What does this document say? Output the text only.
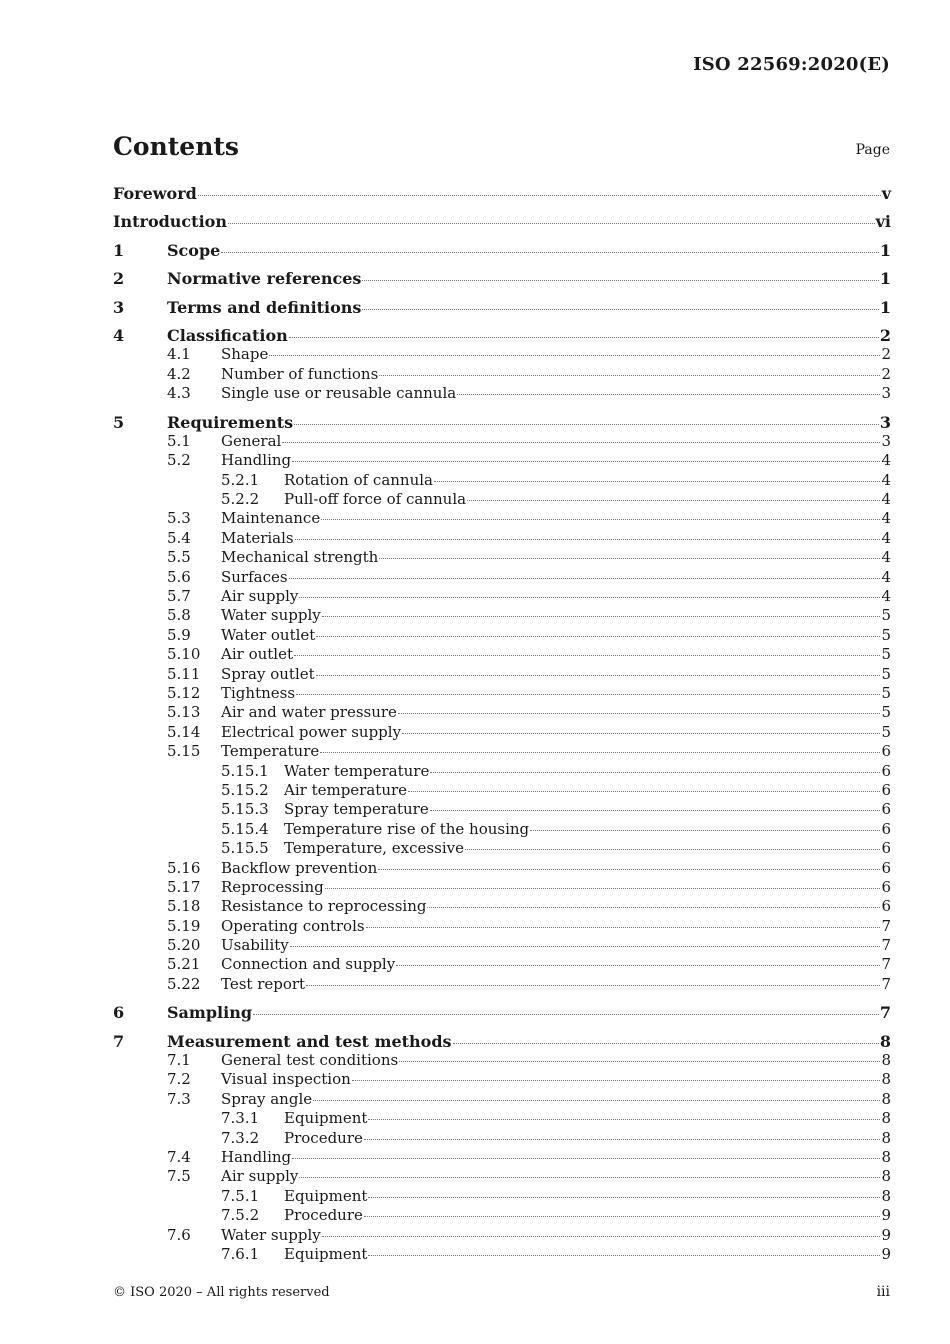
ISO 22569:2020(E)
Contents	Page
Foreword	v
Introduction	vi
1	Scope	1
2	Normative references	1
3	Terms and definitions	1
4	Classification	2
4.1	Shape	2
4.2	Number of functions	2
4.3	Single use or reusable cannula	3
5	Requirements	3
5.1	General	3
5.2	Handling	4
5.2.1	Rotation of cannula	4
5.2.2	Pull-off force of cannula	4
5.3	Maintenance	4
5.4	Materials	4
5.5	Mechanical strength	4
5.6	Surfaces	4
5.7	Air supply	4
5.8	Water supply	5
5.9	Water outlet	5
5.10	Air outlet	5
5.11	Spray outlet	5
5.12	Tightness	5
5.13	Air and water pressure	5
5.14	Electrical power supply	5
5.15	Temperature	6
5.15.1	Water temperature	6
5.15.2	Air temperature	6
5.15.3	Spray temperature	6
5.15.4	Temperature rise of the housing	6
5.15.5	Temperature, excessive	6
5.16	Backflow prevention	6
5.17	Reprocessing	6
5.18	Resistance to reprocessing	6
5.19	Operating controls	7
5.20	Usability	7
5.21	Connection and supply	7
5.22	Test report	7
6	Sampling	7
7	Measurement and test methods	8
7.1	General test conditions	8
7.2	Visual inspection	8
7.3	Spray angle	8
7.3.1	Equipment	8
7.3.2	Procedure	8
7.4	Handling	8
7.5	Air supply	8
7.5.1	Equipment	8
7.5.2	Procedure	9
7.6	Water supply	9
7.6.1	Equipment	9
© ISO 2020 – All rights reserved	iii
